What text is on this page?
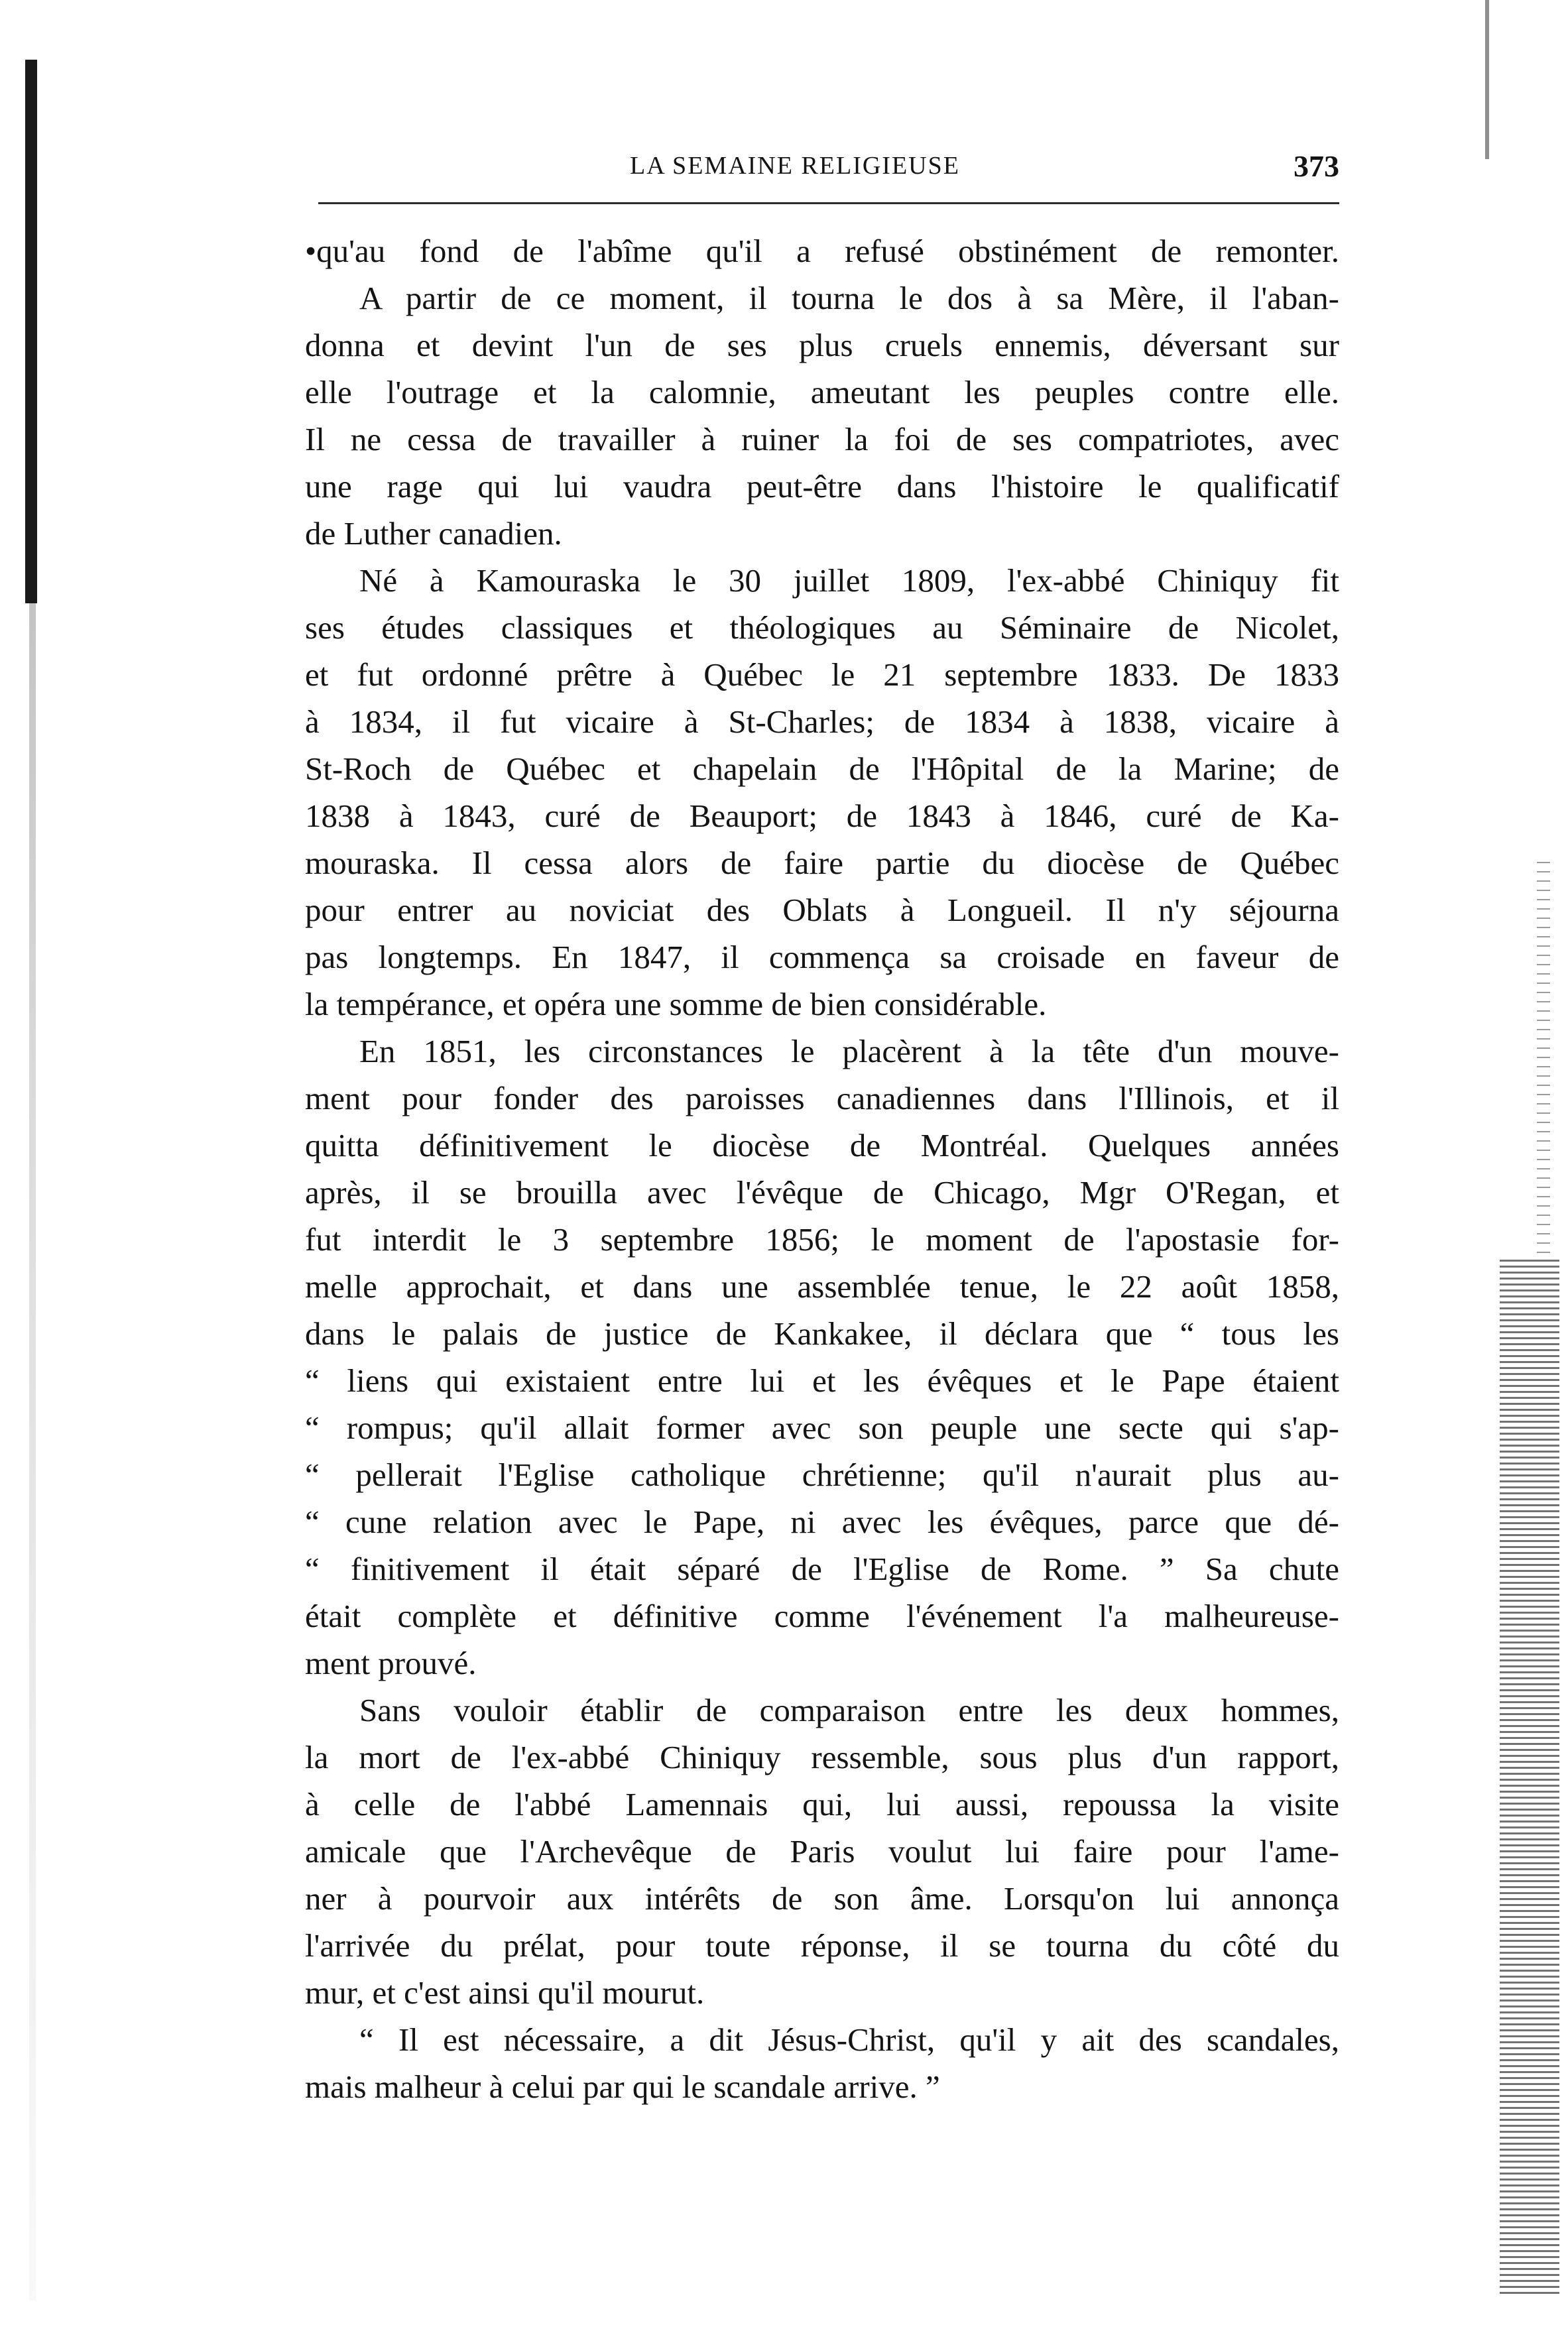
LA SEMAINE RELIGIEUSE	373
•qu'au fond de l'abîme qu'il a refusé obstinément de remonter.
A partir de ce moment, il tourna le dos à sa Mère, il l'aban-
donna et devint l'un de ses plus cruels ennemis, déversant sur
elle l'outrage et la calomnie, ameutant les peuples contre elle.
Il ne cessa de travailler à ruiner la foi de ses compatriotes, avec
une rage qui lui vaudra peut-être dans l'histoire le qualificatif
de Luther canadien.
Né à Kamouraska le 30 juillet 1809, l'ex-abbé Chiniquy fit
ses études classiques et théologiques au Séminaire de Nicolet,
et fut ordonné prêtre à Québec le 21 septembre 1833. De 1833
à 1834, il fut vicaire à St-Charles; de 1834 à 1838, vicaire à
St-Roch de Québec et chapelain de l'Hôpital de la Marine; de
1838 à 1843, curé de Beauport; de 1843 à 1846, curé de Ka-
mouraska. Il cessa alors de faire partie du diocèse de Québec
pour entrer au noviciat des Oblats à Longueil. Il n'y séjourna
pas longtemps. En 1847, il commença sa croisade en faveur de
la tempérance, et opéra une somme de bien considérable.
En 1851, les circonstances le placèrent à la tête d'un mouve-
ment pour fonder des paroisses canadiennes dans l'Illinois, et il
quitta définitivement le diocèse de Montréal. Quelques années
après, il se brouilla avec l'évêque de Chicago, Mgr O'Regan, et
fut interdit le 3 septembre 1856; le moment de l'apostasie for-
melle approchait, et dans une assemblée tenue, le 22 août 1858,
dans le palais de justice de Kankakee, il déclara que “ tous les
“ liens qui existaient entre lui et les évêques et le Pape étaient
“ rompus; qu'il allait former avec son peuple une secte qui s'ap-
“ pellerait l'Eglise catholique chrétienne; qu'il n'aurait plus au-
“ cune relation avec le Pape, ni avec les évêques, parce que dé-
“ finitivement il était séparé de l'Eglise de Rome. ” Sa chute
était complète et définitive comme l'événement l'a malheureuse-
ment prouvé.
Sans vouloir établir de comparaison entre les deux hommes,
la mort de l'ex-abbé Chiniquy ressemble, sous plus d'un rapport,
à celle de l'abbé Lamennais qui, lui aussi, repoussa la visite
amicale que l'Archevêque de Paris voulut lui faire pour l'ame-
ner à pourvoir aux intérêts de son âme. Lorsqu'on lui annonça
l'arrivée du prélat, pour toute réponse, il se tourna du côté du
mur, et c'est ainsi qu'il mourut.
“ Il est nécessaire, a dit Jésus-Christ, qu'il y ait des scandales,
mais malheur à celui par qui le scandale arrive. ”
